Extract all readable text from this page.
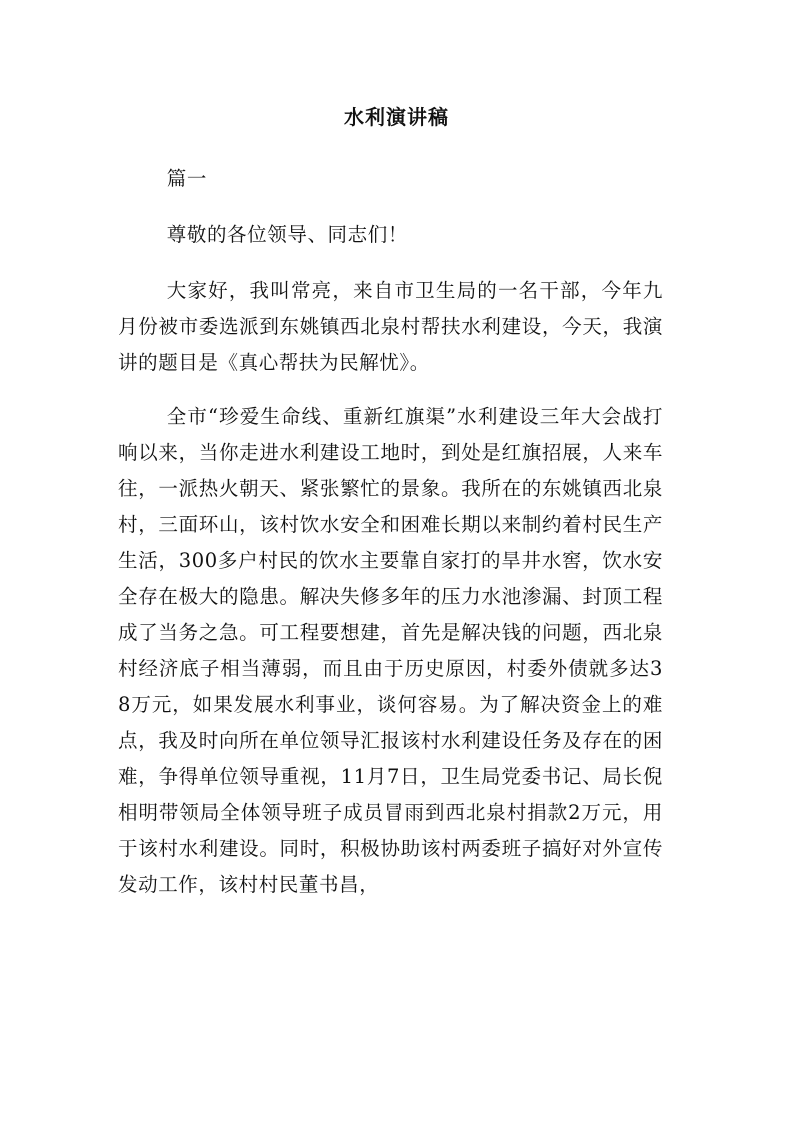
水利演讲稿

篇一

尊敬的各位领导、同志们！

大家好，我叫常亮，来自市卫生局的一名干部，今年九月份被市委选派到东姚镇西北泉村帮扶水利建设，今天，我演讲的题目是《真心帮扶为民解忧》。

全市“珍爱生命线、重新红旗渠”水利建设三年大会战打响以来，当你走进水利建设工地时，到处是红旗招展，人来车往，一派热火朝天、紧张繁忙的景象。我所在的东姚镇西北泉村，三面环山，该村饮水安全和困难长期以来制约着村民生产生活，300多户村民的饮水主要靠自家打的旱井水窖，饮水安全存在极大的隐患。解决失修多年的压力水池渗漏、封顶工程成了当务之急。可工程要想建，首先是解决钱的问题，西北泉村经济底子相当薄弱，而且由于历史原因，村委外债就多达38万元，如果发展水利事业，谈何容易。为了解决资金上的难点，我及时向所在单位领导汇报该村水利建设任务及存在的困难，争得单位领导重视，11月7日，卫生局党委书记、局长倪相明带领局全体领导班子成员冒雨到西北泉村捐款2万元，用于该村水利建设。同时，积极协助该村两委班子搞好对外宣传发动工作，该村村民董书昌，
